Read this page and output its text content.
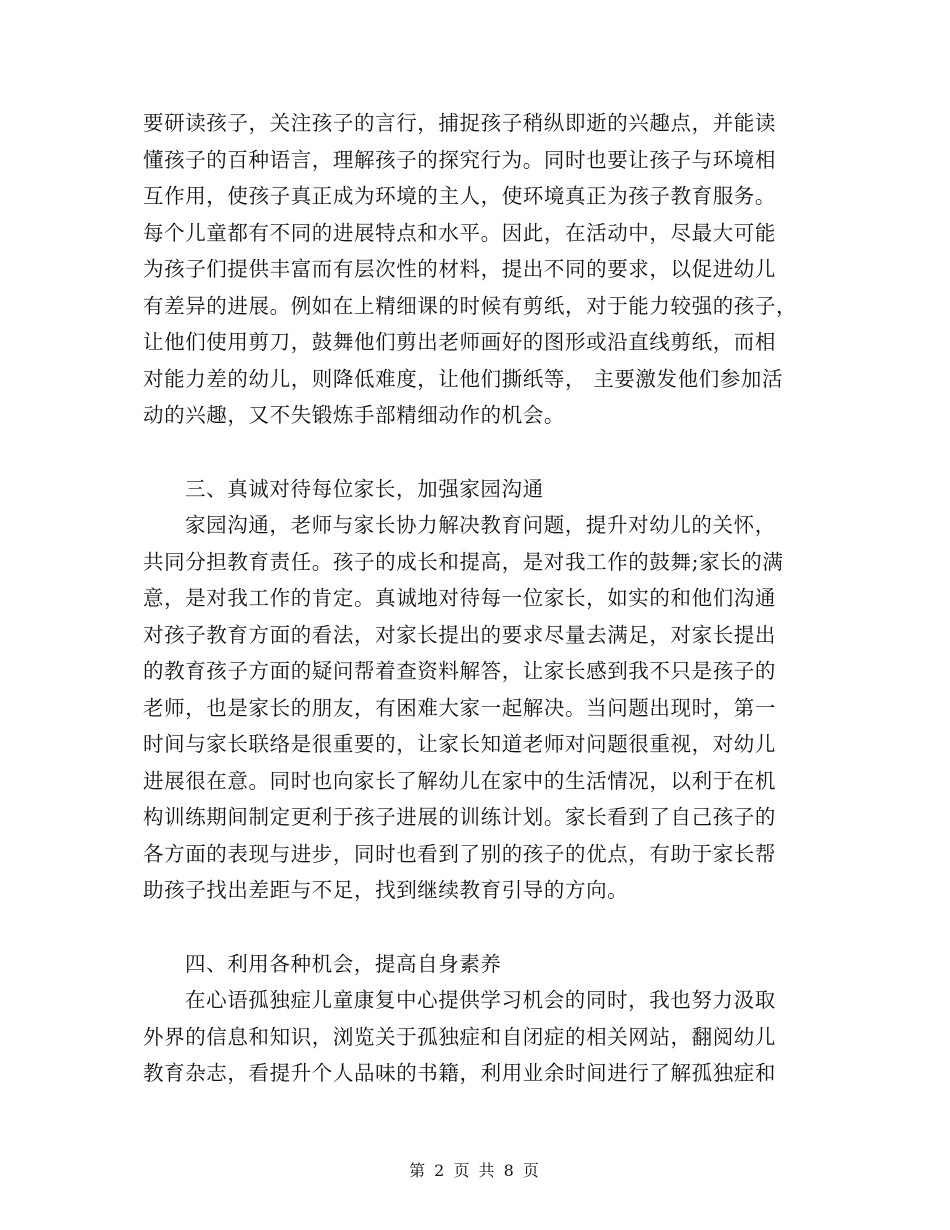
要研读孩子，关注孩子的言行，捕捉孩子稍纵即逝的兴趣点，并能读
懂孩子的百种语言，理解孩子的探究行为。同时也要让孩子与环境相
互作用，使孩子真正成为环境的主人，使环境真正为孩子教育服务。
每个儿童都有不同的进展特点和水平。因此，在活动中，尽最大可能
为孩子们提供丰富而有层次性的材料，提出不同的要求，以促进幼儿
有差异的进展。例如在上精细课的时候有剪纸，对于能力较强的孩子，
让他们使用剪刀，鼓舞他们剪出老师画好的图形或沿直线剪纸，而相
对能力差的幼儿，则降低难度，让他们撕纸等， 主要激发他们参加活
动的兴趣，又不失锻炼手部精细动作的机会。
三、真诚对待每位家长，加强家园沟通
家园沟通，老师与家长协力解决教育问题，提升对幼儿的关怀，
共同分担教育责任。孩子的成长和提高，是对我工作的鼓舞;家长的满
意，是对我工作的肯定。真诚地对待每一位家长，如实的和他们沟通
对孩子教育方面的看法，对家长提出的要求尽量去满足，对家长提出
的教育孩子方面的疑问帮着查资料解答，让家长感到我不只是孩子的
老师，也是家长的朋友，有困难大家一起解决。当问题出现时，第一
时间与家长联络是很重要的，让家长知道老师对问题很重视，对幼儿
进展很在意。同时也向家长了解幼儿在家中的生活情况，以利于在机
构训练期间制定更利于孩子进展的训练计划。家长看到了自己孩子的
各方面的表现与进步，同时也看到了别的孩子的优点，有助于家长帮
助孩子找出差距与不足，找到继续教育引导的方向。
四、利用各种机会，提高自身素养
在心语孤独症儿童康复中心提供学习机会的同时，我也努力汲取
外界的信息和知识，浏览关于孤独症和自闭症的相关网站，翻阅幼儿
教育杂志，看提升个人品味的书籍，利用业余时间进行了解孤独症和
第 2 页 共 8 页
